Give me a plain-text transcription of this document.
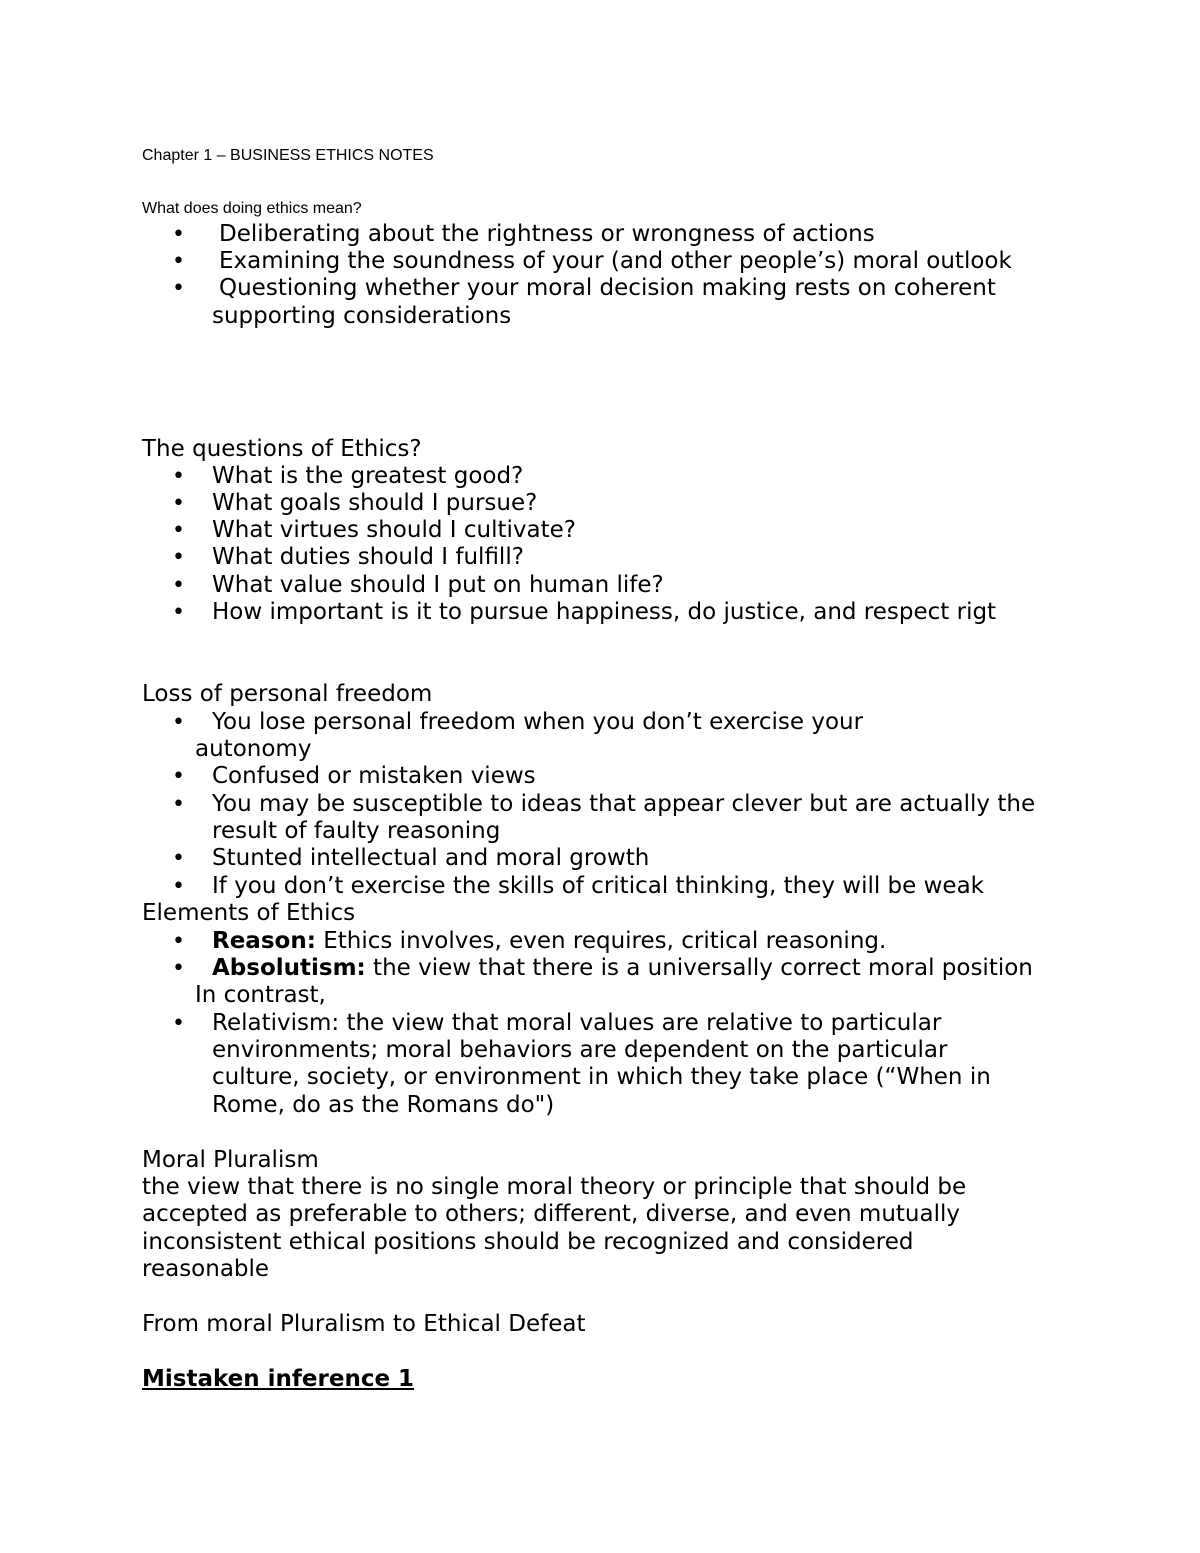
Chapter 1 – BUSINESS ETHICS NOTES
What does doing ethics mean?
• Deliberating about the rightness or wrongness of actions
• Examining the soundness of your (and other people’s) moral outlook
• Questioning whether your moral decision making rests on coherent
supporting considerations
The questions of Ethics?
• What is the greatest good?
• What goals should I pursue?
• What virtues should I cultivate?
• What duties should I fulfill?
• What value should I put on human life?
• How important is it to pursue happiness, do justice, and respect rigt
Loss of personal freedom
• You lose personal freedom when you don’t exercise your
autonomy
• Confused or mistaken views
• You may be susceptible to ideas that appear clever but are actually the
result of faulty reasoning
• Stunted intellectual and moral growth
• If you don’t exercise the skills of critical thinking, they will be weak
Elements of Ethics
• Reason: Ethics involves, even requires, critical reasoning.
• Absolutism: the view that there is a universally correct moral position
In contrast,
• Relativism: the view that moral values are relative to particular
environments; moral behaviors are dependent on the particular
culture, society, or environment in which they take place (“When in
Rome, do as the Romans do")
Moral Pluralism
the view that there is no single moral theory or principle that should be
accepted as preferable to others; different, diverse, and even mutually
inconsistent ethical positions should be recognized and considered
reasonable
From moral Pluralism to Ethical Defeat
Mistaken inference 1
